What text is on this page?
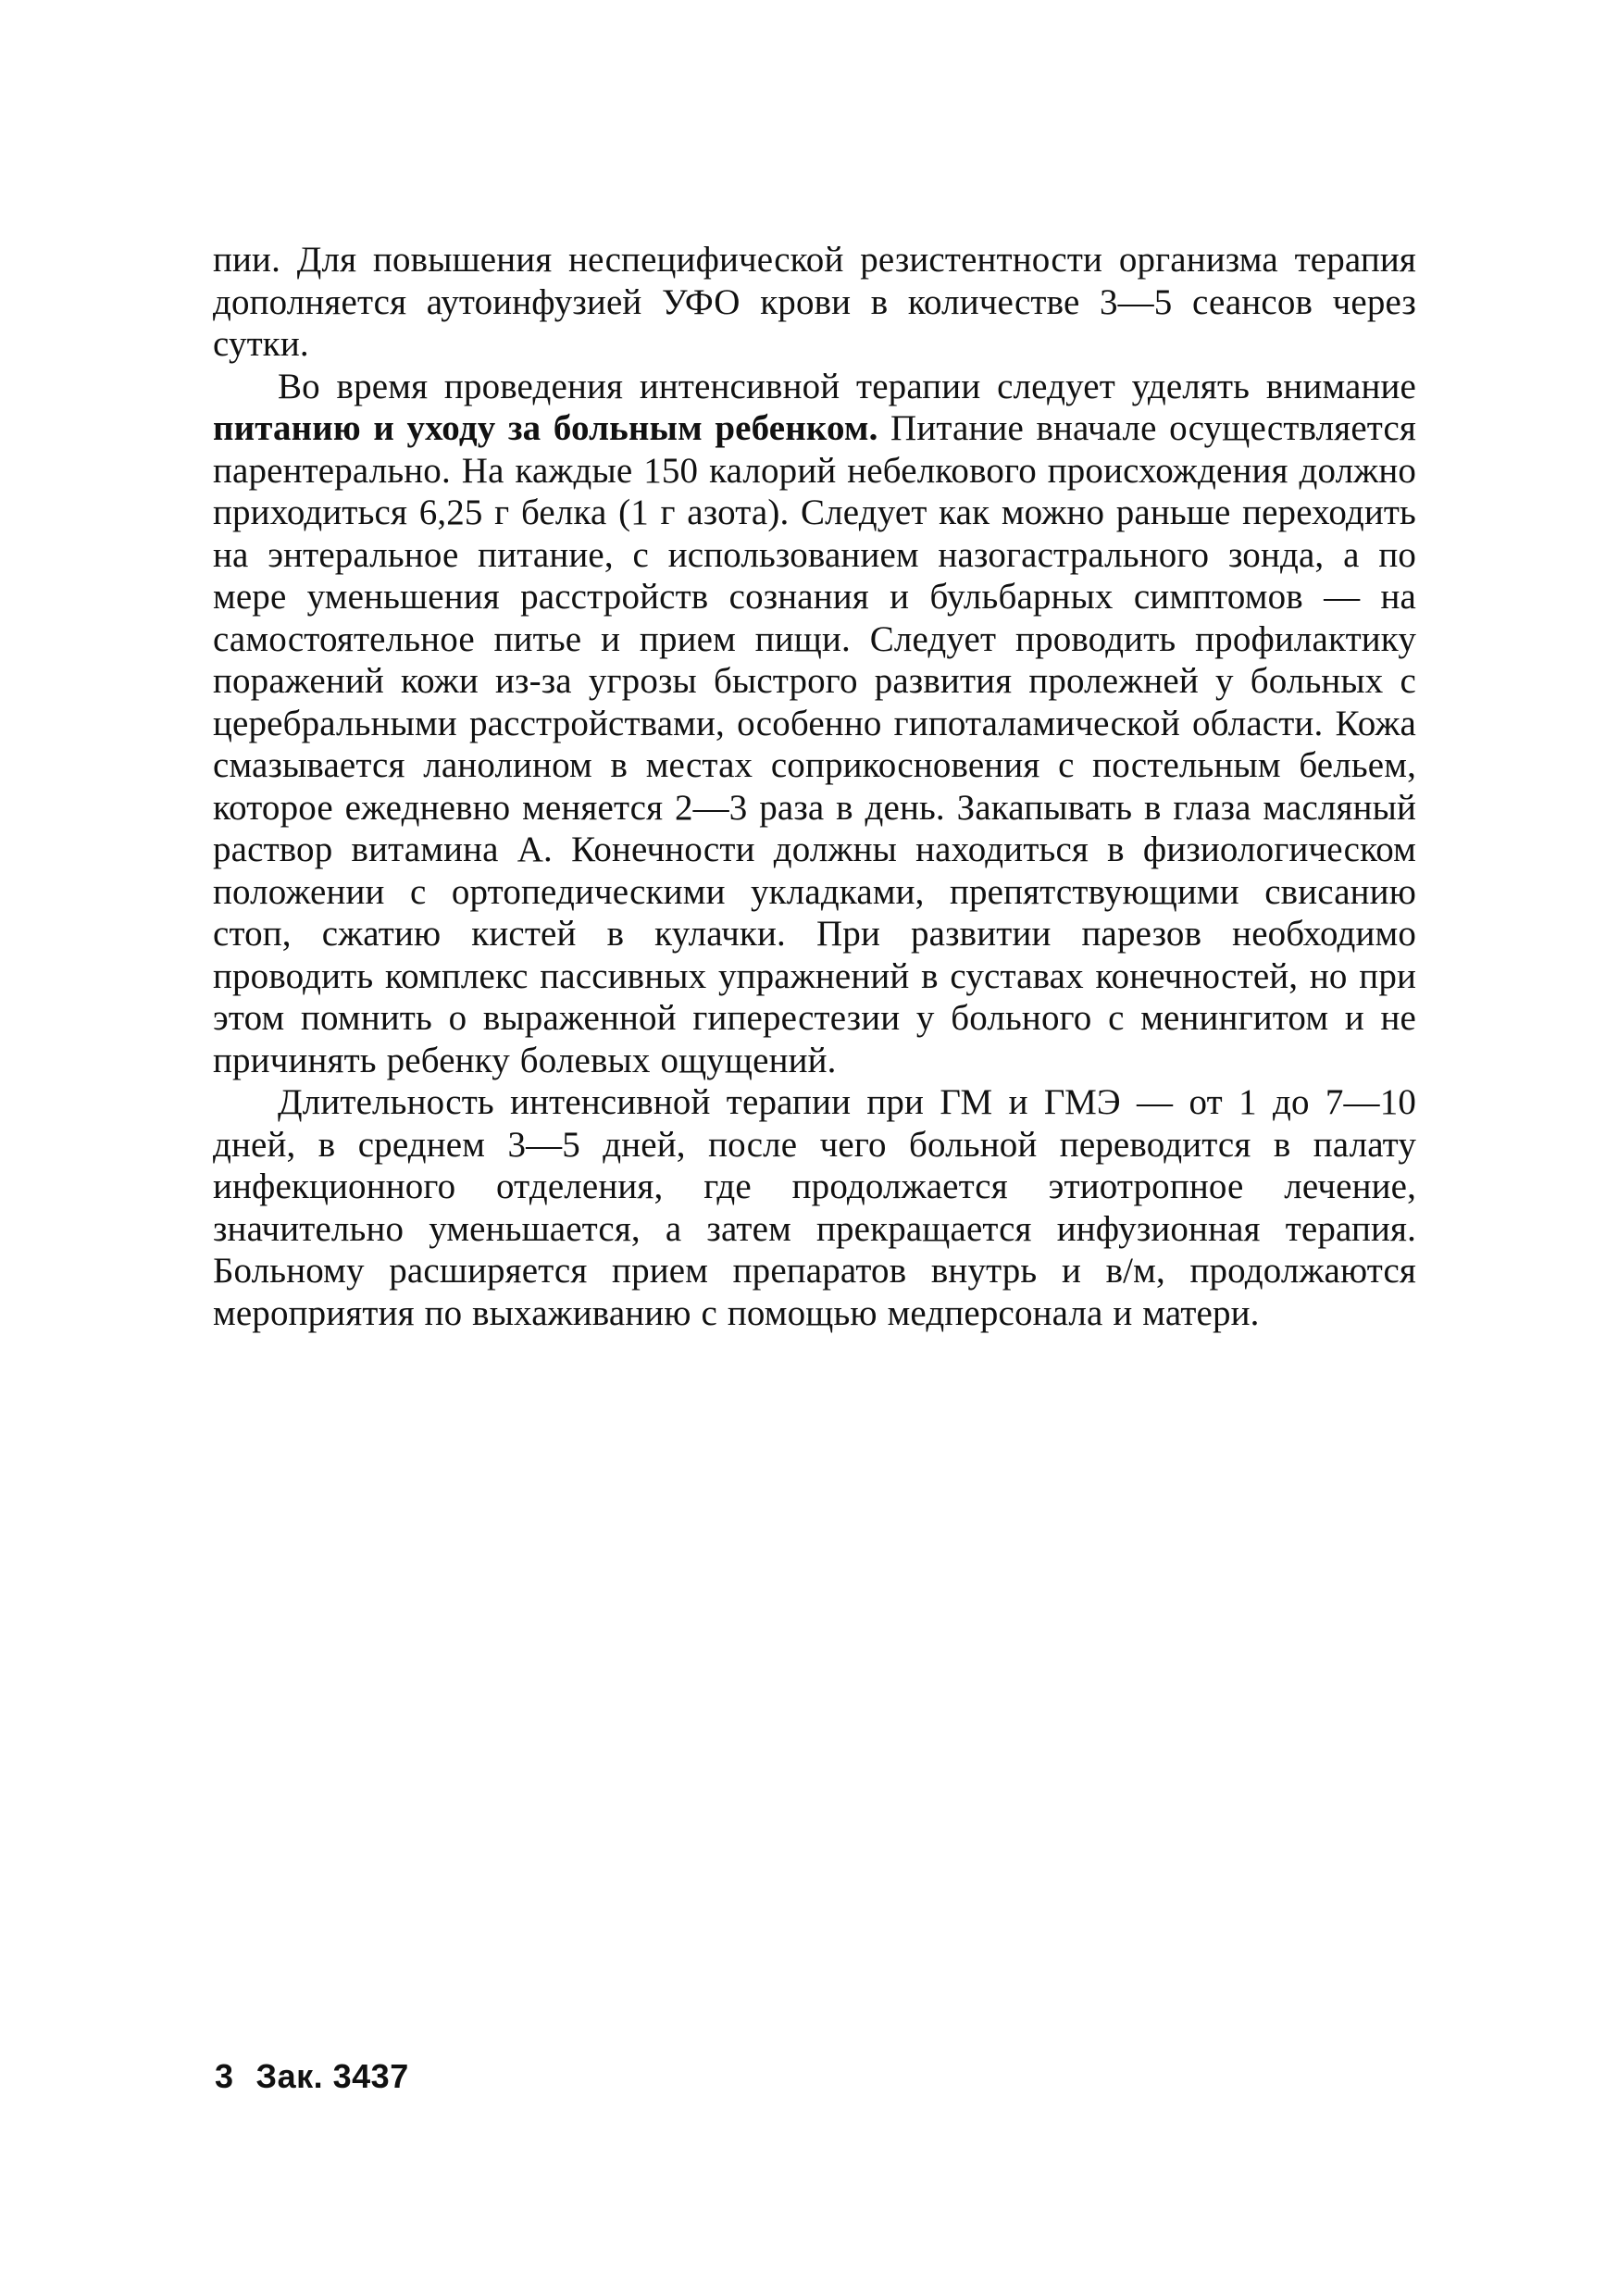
пии. Для повышения неспецифической резистентности организма терапия дополняется аутоинфузией УФО крови в количестве 3—5 сеансов через сутки.

Во время проведения интенсивной терапии следует уделять внимание питанию и уходу за больным ребенком. Питание вначале осуществляется парентерально. На каждые 150 калорий небелкового происхождения должно приходиться 6,25 г белка (1 г азота). Следует как можно раньше переходить на энтеральное питание, с использованием назогастрального зонда, а по мере уменьшения расстройств сознания и бульбарных симптомов — на самостоятельное питье и прием пищи. Следует проводить профилактику поражений кожи из-за угрозы быстрого развития пролежней у больных с церебральными расстройствами, особенно гипоталамической области. Кожа смазывается ланолином в местах соприкосновения с постельным бельем, которое ежедневно меняется 2—3 раза в день. Закапывать в глаза масляный раствор витамина А. Конечности должны находиться в физиологическом положении с ортопедическими укладками, препятствующими свисанию стоп, сжатию кистей в кулачки. При развитии парезов необходимо проводить комплекс пассивных упражнений в суставах конечностей, но при этом помнить о выраженной гиперестезии у больного с менингитом и не причинять ребенку болевых ощущений.

Длительность интенсивной терапии при ГМ и ГМЭ — от 1 до 7—10 дней, в среднем 3—5 дней, после чего больной переводится в палату инфекционного отделения, где продолжается этиотропное лечение, значительно уменьшается, а затем прекращается инфузионная терапия. Больному расширяется прием препаратов внутрь и в/м, продолжаются мероприятия по выхаживанию с помощью медперсонала и матери.

3 Зак. 3437
